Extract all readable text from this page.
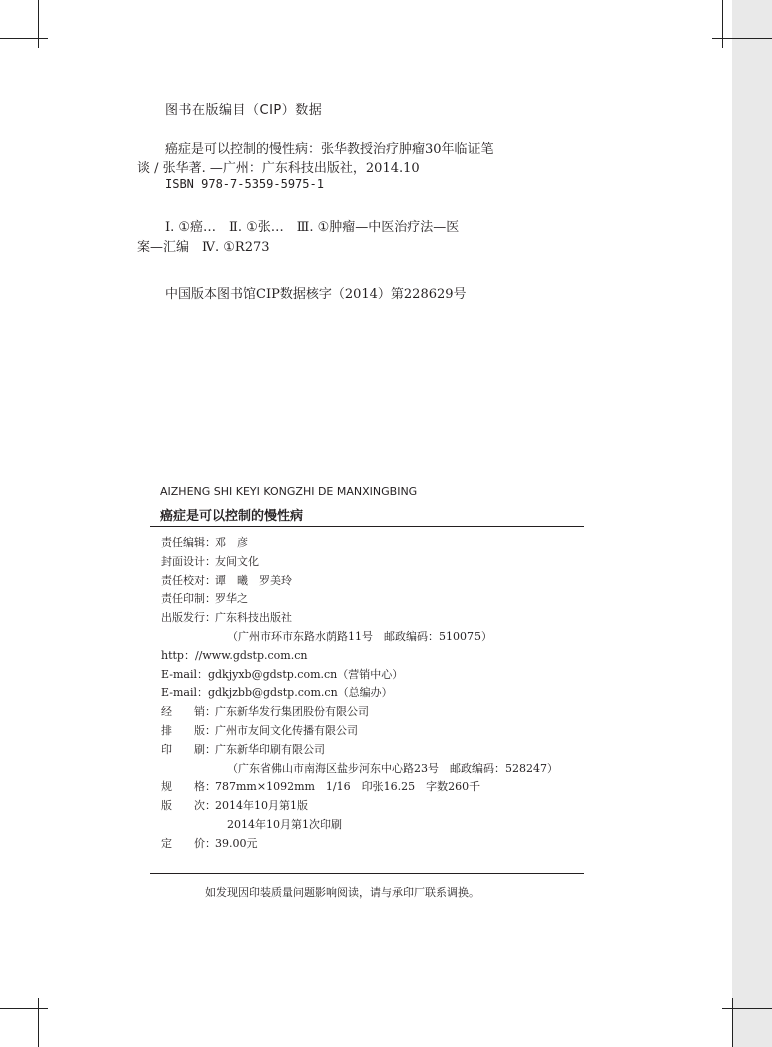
图书在版编目（CIP）数据
癌症是可以控制的慢性病：张华教授治疗肿瘤30年临证笔
谈 / 张华著. —广州：广东科技出版社，2014.10
ISBN 978-7-5359-5975-1
Ⅰ. ①癌…　Ⅱ. ①张…　Ⅲ. ①肿瘤—中医治疗法—医
案—汇编　Ⅳ. ①R273
中国版本图书馆CIP数据核字（2014）第228629号
AIZHENG SHI KEYI KONGZHI DE MANXINGBING
癌症是可以控制的慢性病
责任编辑： 邓　彦
封面设计： 友间文化
责任校对： 谭　曦　罗美玲
责任印制： 罗华之
出版发行： 广东科技出版社
（广州市环市东路水荫路11号　邮政编码：510075）
http：//www.gdstp.com.cn
E-mail：gdkjyxb@gdstp.com.cn（营销中心）
E-mail：gdkjzbb@gdstp.com.cn（总编办）
经　　销： 广东新华发行集团股份有限公司
排　　版： 广州市友间文化传播有限公司
印　　刷： 广东新华印刷有限公司
（广东省佛山市南海区盐步河东中心路23号　邮政编码：528247）
规　　格： 787mm×1092mm　1/16　印张16.25　字数260千
版　　次： 2014年10月第1版
2014年10月第1次印刷
定　　价： 39.00元
如发现因印装质量问题影响阅读，请与承印厂联系调换。
